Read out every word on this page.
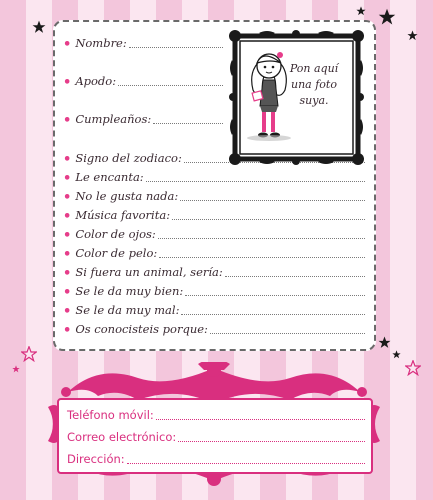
• Nombre:
• Apodo:
• Cumpleaños:
• Signo del zodiaco:
• Le encanta:
• No le gusta nada:
• Música favorita:
• Color de ojos:
• Color de pelo:
• Si fuera un animal, sería:
• Se le da muy bien:
• Se le da muy mal:
• Os conocisteis porque:
Pon aquí
una foto
suya.
Teléfono móvil:
Correo electrónico:
Dirección:
